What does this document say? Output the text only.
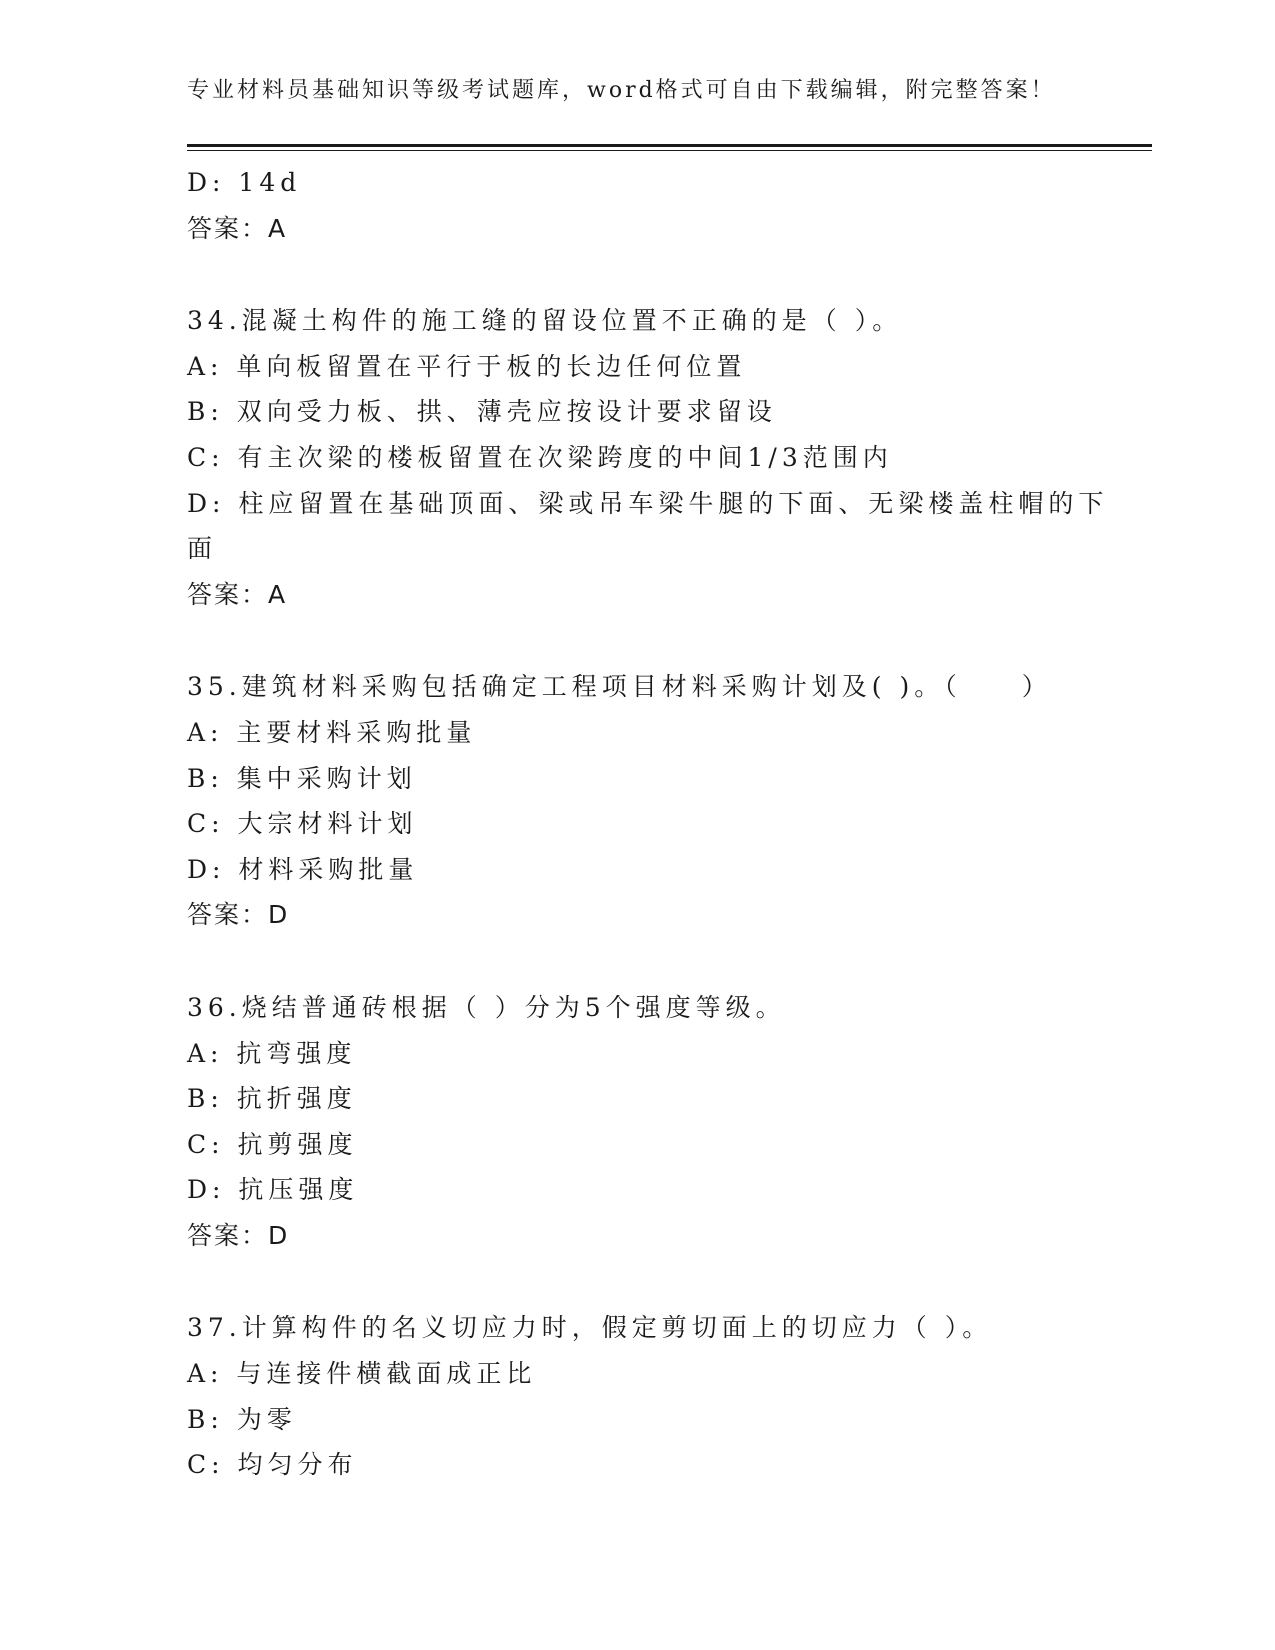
专业材料员基础知识等级考试题库，word格式可自由下载编辑，附完整答案！
D: 14d
答案：A
34.混凝土构件的施工缝的留设位置不正确的是（ ）。
A: 单向板留置在平行于板的长边任何位置
B: 双向受力板、拱、薄壳应按设计要求留设
C: 有主次梁的楼板留置在次梁跨度的中间1/3范围内
D: 柱应留置在基础顶面、梁或吊车梁牛腿的下面、无梁楼盖柱帽的下
面
答案：A
35.建筑材料采购包括确定工程项目材料采购计划及( )。（　　）
A: 主要材料采购批量
B: 集中采购计划
C: 大宗材料计划
D: 材料采购批量
答案：D
36.烧结普通砖根据（ ）分为5个强度等级。
A: 抗弯强度
B: 抗折强度
C: 抗剪强度
D: 抗压强度
答案：D
37.计算构件的名义切应力时，假定剪切面上的切应力（ ）。
A: 与连接件横截面成正比
B: 为零
C: 均匀分布
